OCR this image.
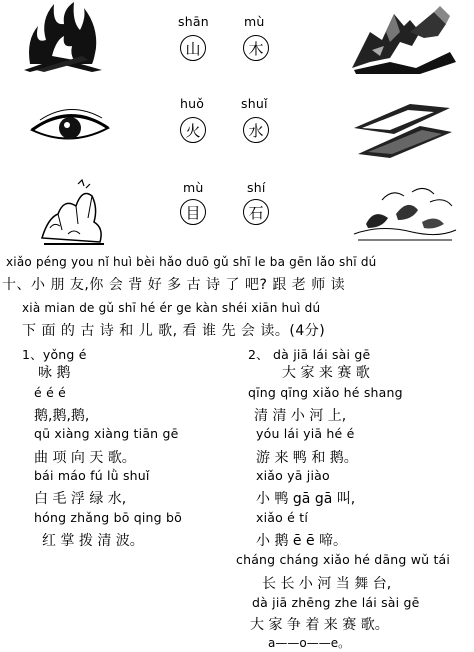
shān	mù
山	木
huǒ	shuǐ
火	水
mù	shí
目	石
xiǎo péng you nǐ huì bèi hǎo duō gǔ shī le ba gēn lǎo shī dú
十、小 朋 友,你 会 背 好 多 古 诗 了 吧? 跟 老 师 读
xià mian de gǔ shī hé ér ge kàn shéi xiān huì dú
下 面 的 古 诗 和 儿 歌, 看 谁 先 会 读。(4分)
1、yǒng é
咏 鹅
é é é
鹅,鹅,鹅,
qū xiàng xiàng tiān gē
曲 项 向 天 歌。
bái máo fú lǜ shuǐ
白 毛 浮 绿 水,
hóng zhǎng bō qing bō
红 掌 拨 清 波。
2、 dà jiā lái sài gē
大 家 来 赛 歌
qīng qīng xiǎo hé shang
清 清 小 河 上,
yóu lái yiā hé é
游 来 鸭 和 鹅。
xiǎo yā jiào
小 鸭 gā gā 叫,
xiǎo é tí
小 鹅 ē ē 啼。
cháng cháng xiǎo hé dāng wǔ tái
长 长 小 河 当 舞 台,
dà jiā zhēng zhe lái sài gē
大 家 争 着 来 赛 歌。
a——o——e。
